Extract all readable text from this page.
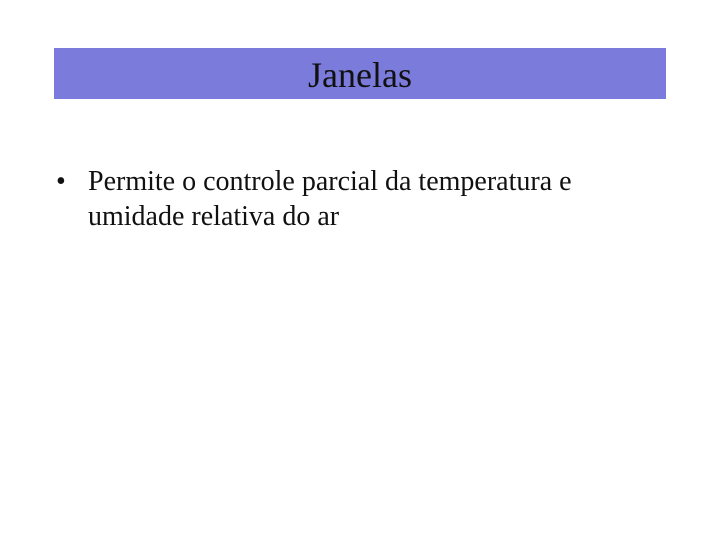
Janelas
• Permite o controle parcial da temperatura e umidade relativa do ar
